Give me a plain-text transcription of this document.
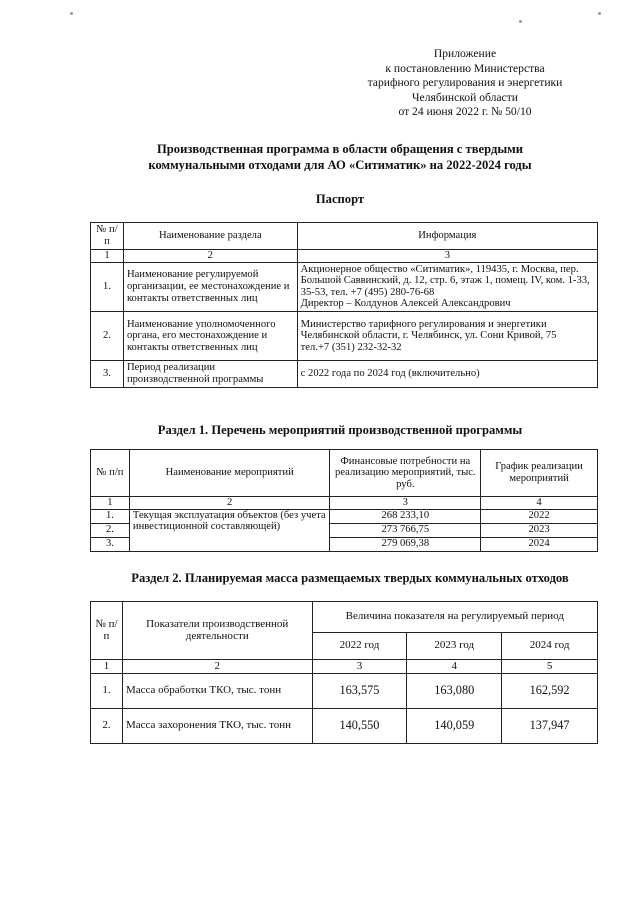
Приложение
к постановлению Министерства
тарифного регулирования и энергетики
Челябинской области
от 24 июня 2022 г. № 50/10
Производственная программа в области обращения с твердыми
коммунальными отходами для АО «Ситиматик» на 2022-2024 годы
Паспорт
№ п/п	Наименование раздела	Информация
1	2	3
1.	Наименование регулируемой организации, ее местонахождение и контакты ответственных лиц	Акционерное общество «Ситиматик», 119435, г. Москва, пер. Большой Саввинский, д. 12, стр. 6, этаж 1, помещ. IV, ком. 1-33, 35-53, тел. +7 (495) 280-76-68
Директор – Колдунов Алексей Александрович

2.	Наименование уполномоченного органа, его местонахождение и контакты ответственных лиц	Министерство тарифного регулирования и энергетики Челябинской области, г. Челябинск, ул. Сони Кривой, 75
тел.+7 (351) 232-32-32

3.	Период реализации производственной программы	с 2022 года по 2024 год (включительно)
Раздел 1. Перечень мероприятий производственной программы
№ п/п	Наименование мероприятий	Финансовые потребности на реализацию мероприятий, тыс. руб.	График реализации мероприятий
1	2	3	4
1.	Текущая эксплуатация объектов (без учета инвестиционной составляющей)	268 233,10	2022
2.		273 766,75	2023
3.		279 069,38	2024
Раздел 2. Планируемая масса размещаемых твердых коммунальных отходов
№ п/п	Показатели производственной деятельности	Величина показателя на регулируемый период		
		2022 год	2023 год	2024 год
1	2	3	4	5
1.	Масса обработки ТКО, тыс. тонн	163,575	163,080	162,592
2.	Масса захоронения ТКО, тыс. тонн	140,550	140,059	137,947
